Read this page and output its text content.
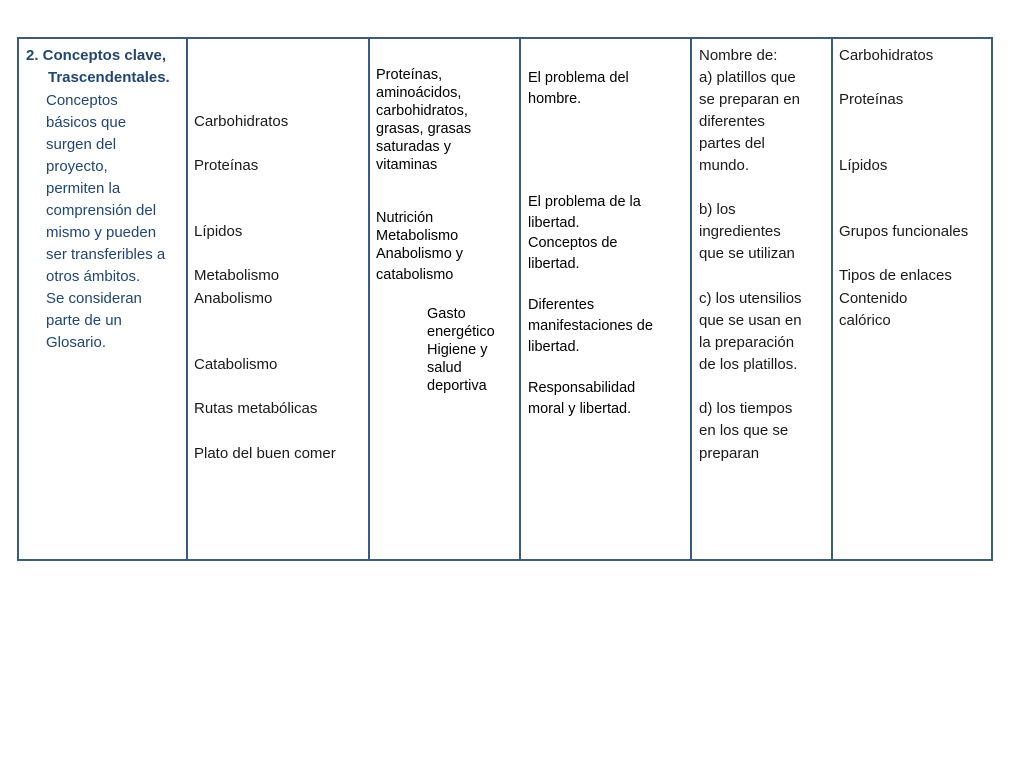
2. Conceptos clave,
Trascendentales.
Conceptos
básicos que
surgen del
proyecto,
permiten la
comprensión del
mismo y pueden
ser transferibles a
otros ámbitos.
Se consideran
parte de un
Glosario.
Carbohidratos
Proteínas
Lípidos
Metabolismo
Anabolismo
Catabolismo
Rutas metabólicas
Plato del buen comer
Proteínas,
aminoácidos,
carbohidratos,
grasas, grasas
saturadas y
vitaminas
Nutrición
Metabolismo
Anabolismo y
catabolismo
Gasto
energético
Higiene y
salud
deportiva
El problema del
hombre.
El problema de la
libertad.
Conceptos de
libertad.
Diferentes
manifestaciones de
libertad.
Responsabilidad
moral y libertad.
Nombre de:
a) platillos que
se preparan en
diferentes
partes del
mundo.
b) los
ingredientes
que se utilizan
c) los utensilios
que se usan en
la preparación
de los platillos.
d) los tiempos
en los que se
preparan
Carbohidratos
Proteínas
Lípidos
Grupos funcionales
Tipos de enlaces
Contenido
calórico
